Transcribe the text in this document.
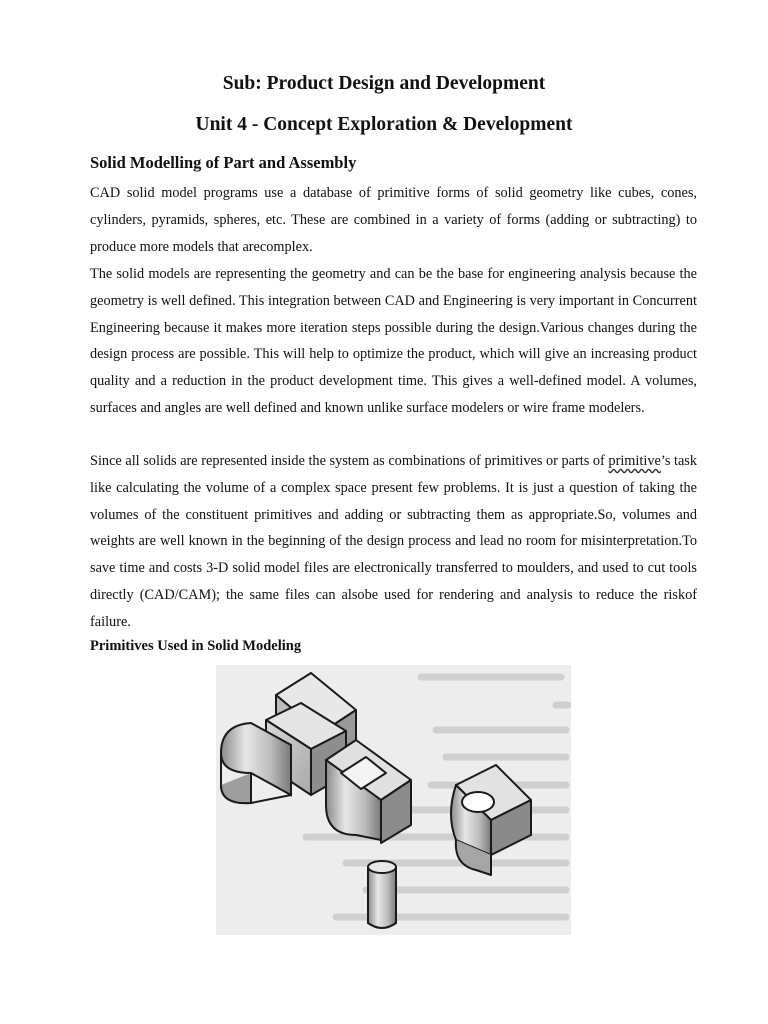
Sub: Product Design and Development
Unit 4 - Concept Exploration & Development
Solid Modelling of Part and Assembly

CAD solid model programs use a database of primitive forms of solid geometry like cubes, cones, cylinders, pyramids, spheres, etc. These are combined in a variety of forms (adding or subtracting) to produce more models that arecomplex.

The solid models are representing the geometry and can be the base for engineering analysis because the geometry is well defined. This integration between CAD and Engineering is very important in Concurrent Engineering because it makes more iteration steps possible during the design.Various changes during the design process are possible. This will help to optimize the product, which will give an increasing product quality and a reduction in the product development time. This gives a well-defined model. A volumes, surfaces and angles are well defined and known unlike surface modelers or wire frame modelers.

Since all solids are represented inside the system as combinations of primitives or parts of primitive’s task like calculating the volume of a complex space present few problems. It is just a question of taking the volumes of the constituent primitives and adding or subtracting them as appropriate.So, volumes and weights are well known in the beginning of the design process and lead no room for misinterpretation.To save time and costs 3-D solid model files are electronically transferred to moulders, and used to cut tools directly (CAD/CAM); the same files can alsobe used for rendering and analysis to reduce the riskof failure.

Primitives Used in Solid Modeling
